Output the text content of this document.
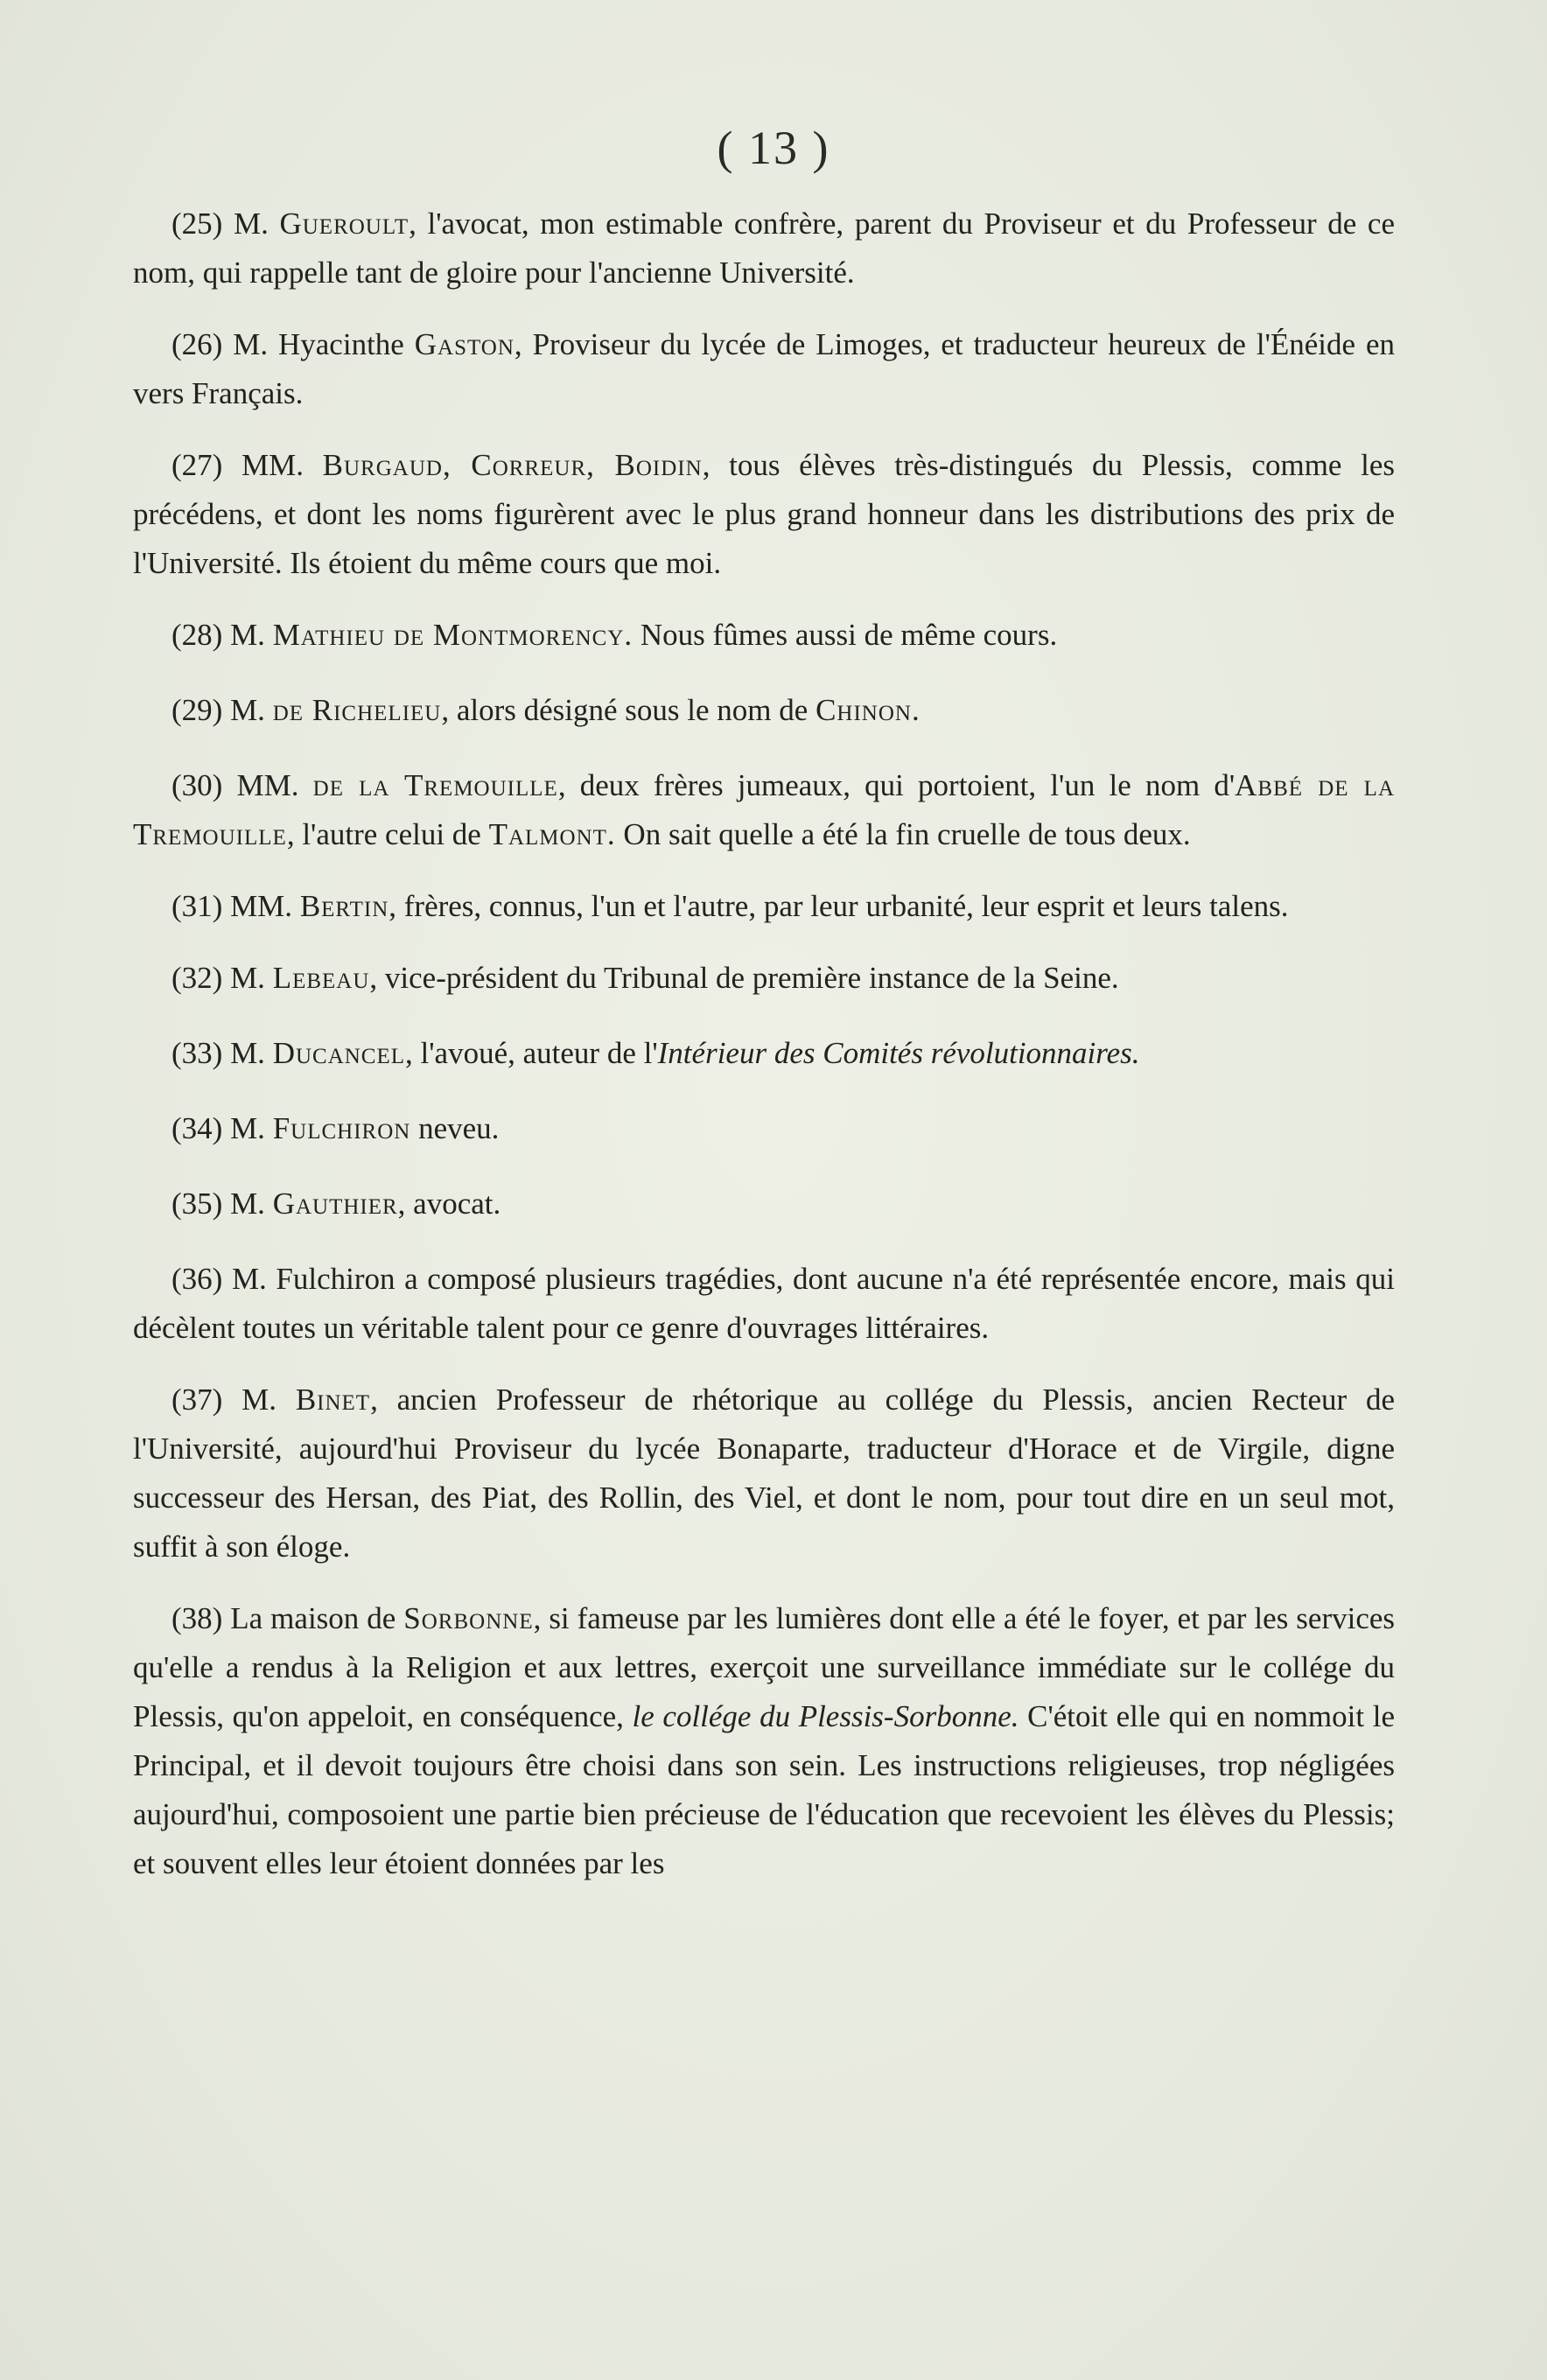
( 13 )

(25) M. Gueroult, l'avocat, mon estimable confrère, parent du Proviseur et du Professeur de ce nom, qui rappelle tant de gloire pour l'ancienne Université.

(26) M. Hyacinthe Gaston, Proviseur du lycée de Limoges, et traducteur heureux de l'Énéide en vers Français.

(27) MM. Burgaud, Correur, Boidin, tous élèves très-distingués du Plessis, comme les précédens, et dont les noms figurèrent avec le plus grand honneur dans les distributions des prix de l'Université. Ils étoient du même cours que moi.

(28) M. Mathieu de Montmorency. Nous fûmes aussi de même cours.

(29) M. de Richelieu, alors désigné sous le nom de Chinon.

(30) MM. de la Tremouille, deux frères jumeaux, qui portoient, l'un le nom d'Abbé de la Tremouille, l'autre celui de Talmont. On sait quelle a été la fin cruelle de tous deux.

(31) MM. Bertin, frères, connus, l'un et l'autre, par leur urbanité, leur esprit et leurs talens.

(32) M. Lebeau, vice-président du Tribunal de première instance de la Seine.

(33) M. Ducancel, l'avoué, auteur de l'Intérieur des Comités révolutionnaires.

(34) M. Fulchiron neveu.

(35) M. Gauthier, avocat.

(36) M. Fulchiron a composé plusieurs tragédies, dont aucune n'a été représentée encore, mais qui décèlent toutes un véritable talent pour ce genre d'ouvrages littéraires.

(37) M. Binet, ancien Professeur de rhétorique au collége du Plessis, ancien Recteur de l'Université, aujourd'hui Proviseur du lycée Bonaparte, traducteur d'Horace et de Virgile, digne successeur des Hersan, des Piat, des Rollin, des Viel, et dont le nom, pour tout dire en un seul mot, suffit à son éloge.

(38) La maison de Sorbonne, si fameuse par les lumières dont elle a été le foyer, et par les services qu'elle a rendus à la Religion et aux lettres, exerçoit une surveillance immédiate sur le collége du Plessis, qu'on appeloit, en conséquence, le collége du Plessis-Sorbonne. C'étoit elle qui en nommoit le Principal, et il devoit toujours être choisi dans son sein. Les instructions religieuses, trop négligées aujourd'hui, composoient une partie bien précieuse de l'éducation que recevoient les élèves du Plessis; et souvent elles leur étoient données par les
